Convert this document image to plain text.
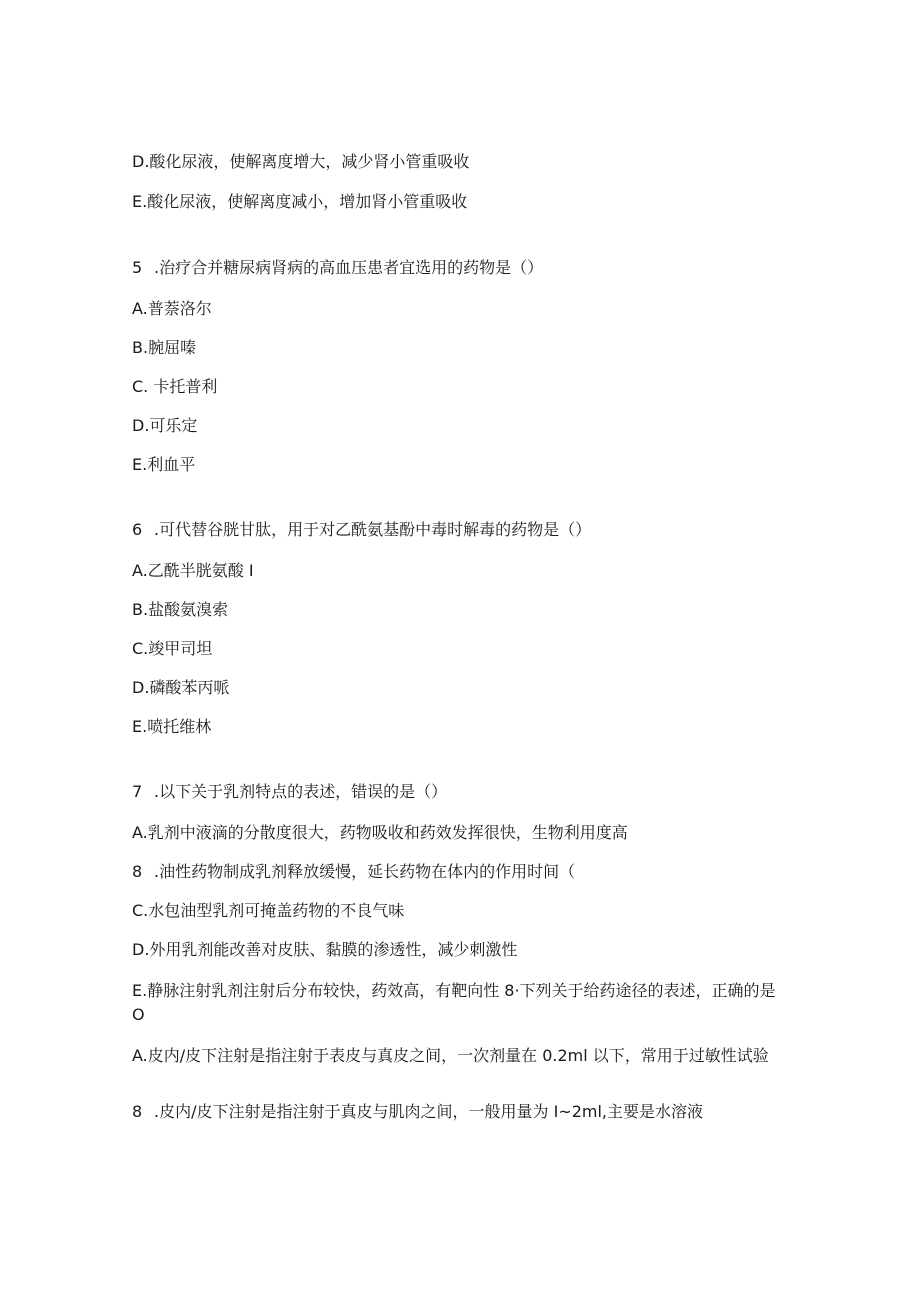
D.酸化尿液，使解离度增大，减少肾小管重吸收

E.酸化尿液，使解离度减小，增加肾小管重吸收

5 .治疗合并糖尿病肾病的高血压患者宜选用的药物是（）

A.普萘洛尔

B.腕屈嗪

C. 卡托普利

D.可乐定

E.利血平

6 .可代替谷胱甘肽，用于对乙酰氨基酚中毒时解毒的药物是（）

A.乙酰半胱氨酸 I

B.盐酸氨溴索

C.竣甲司坦

D.磷酸苯丙哌

E.喷托维林

7 .以下关于乳剂特点的表述，错误的是（）

A.乳剂中液滴的分散度很大，药物吸收和药效发挥很快，生物利用度高

8 .油性药物制成乳剂释放缓慢，延长药物在体内的作用时间（

C.水包油型乳剂可掩盖药物的不良气味

D.外用乳剂能改善对皮肤、黏膜的渗透性，减少刺激性

E.静脉注射乳剂注射后分布较快，药效高，有靶向性 8·下列关于给药途径的表述，正确的是 O

A.皮内/皮下注射是指注射于表皮与真皮之间，一次剂量在 0.2ml 以下，常用于过敏性试验

8 .皮内/皮下注射是指注射于真皮与肌肉之间，一般用量为 I~2ml,主要是水溶液
